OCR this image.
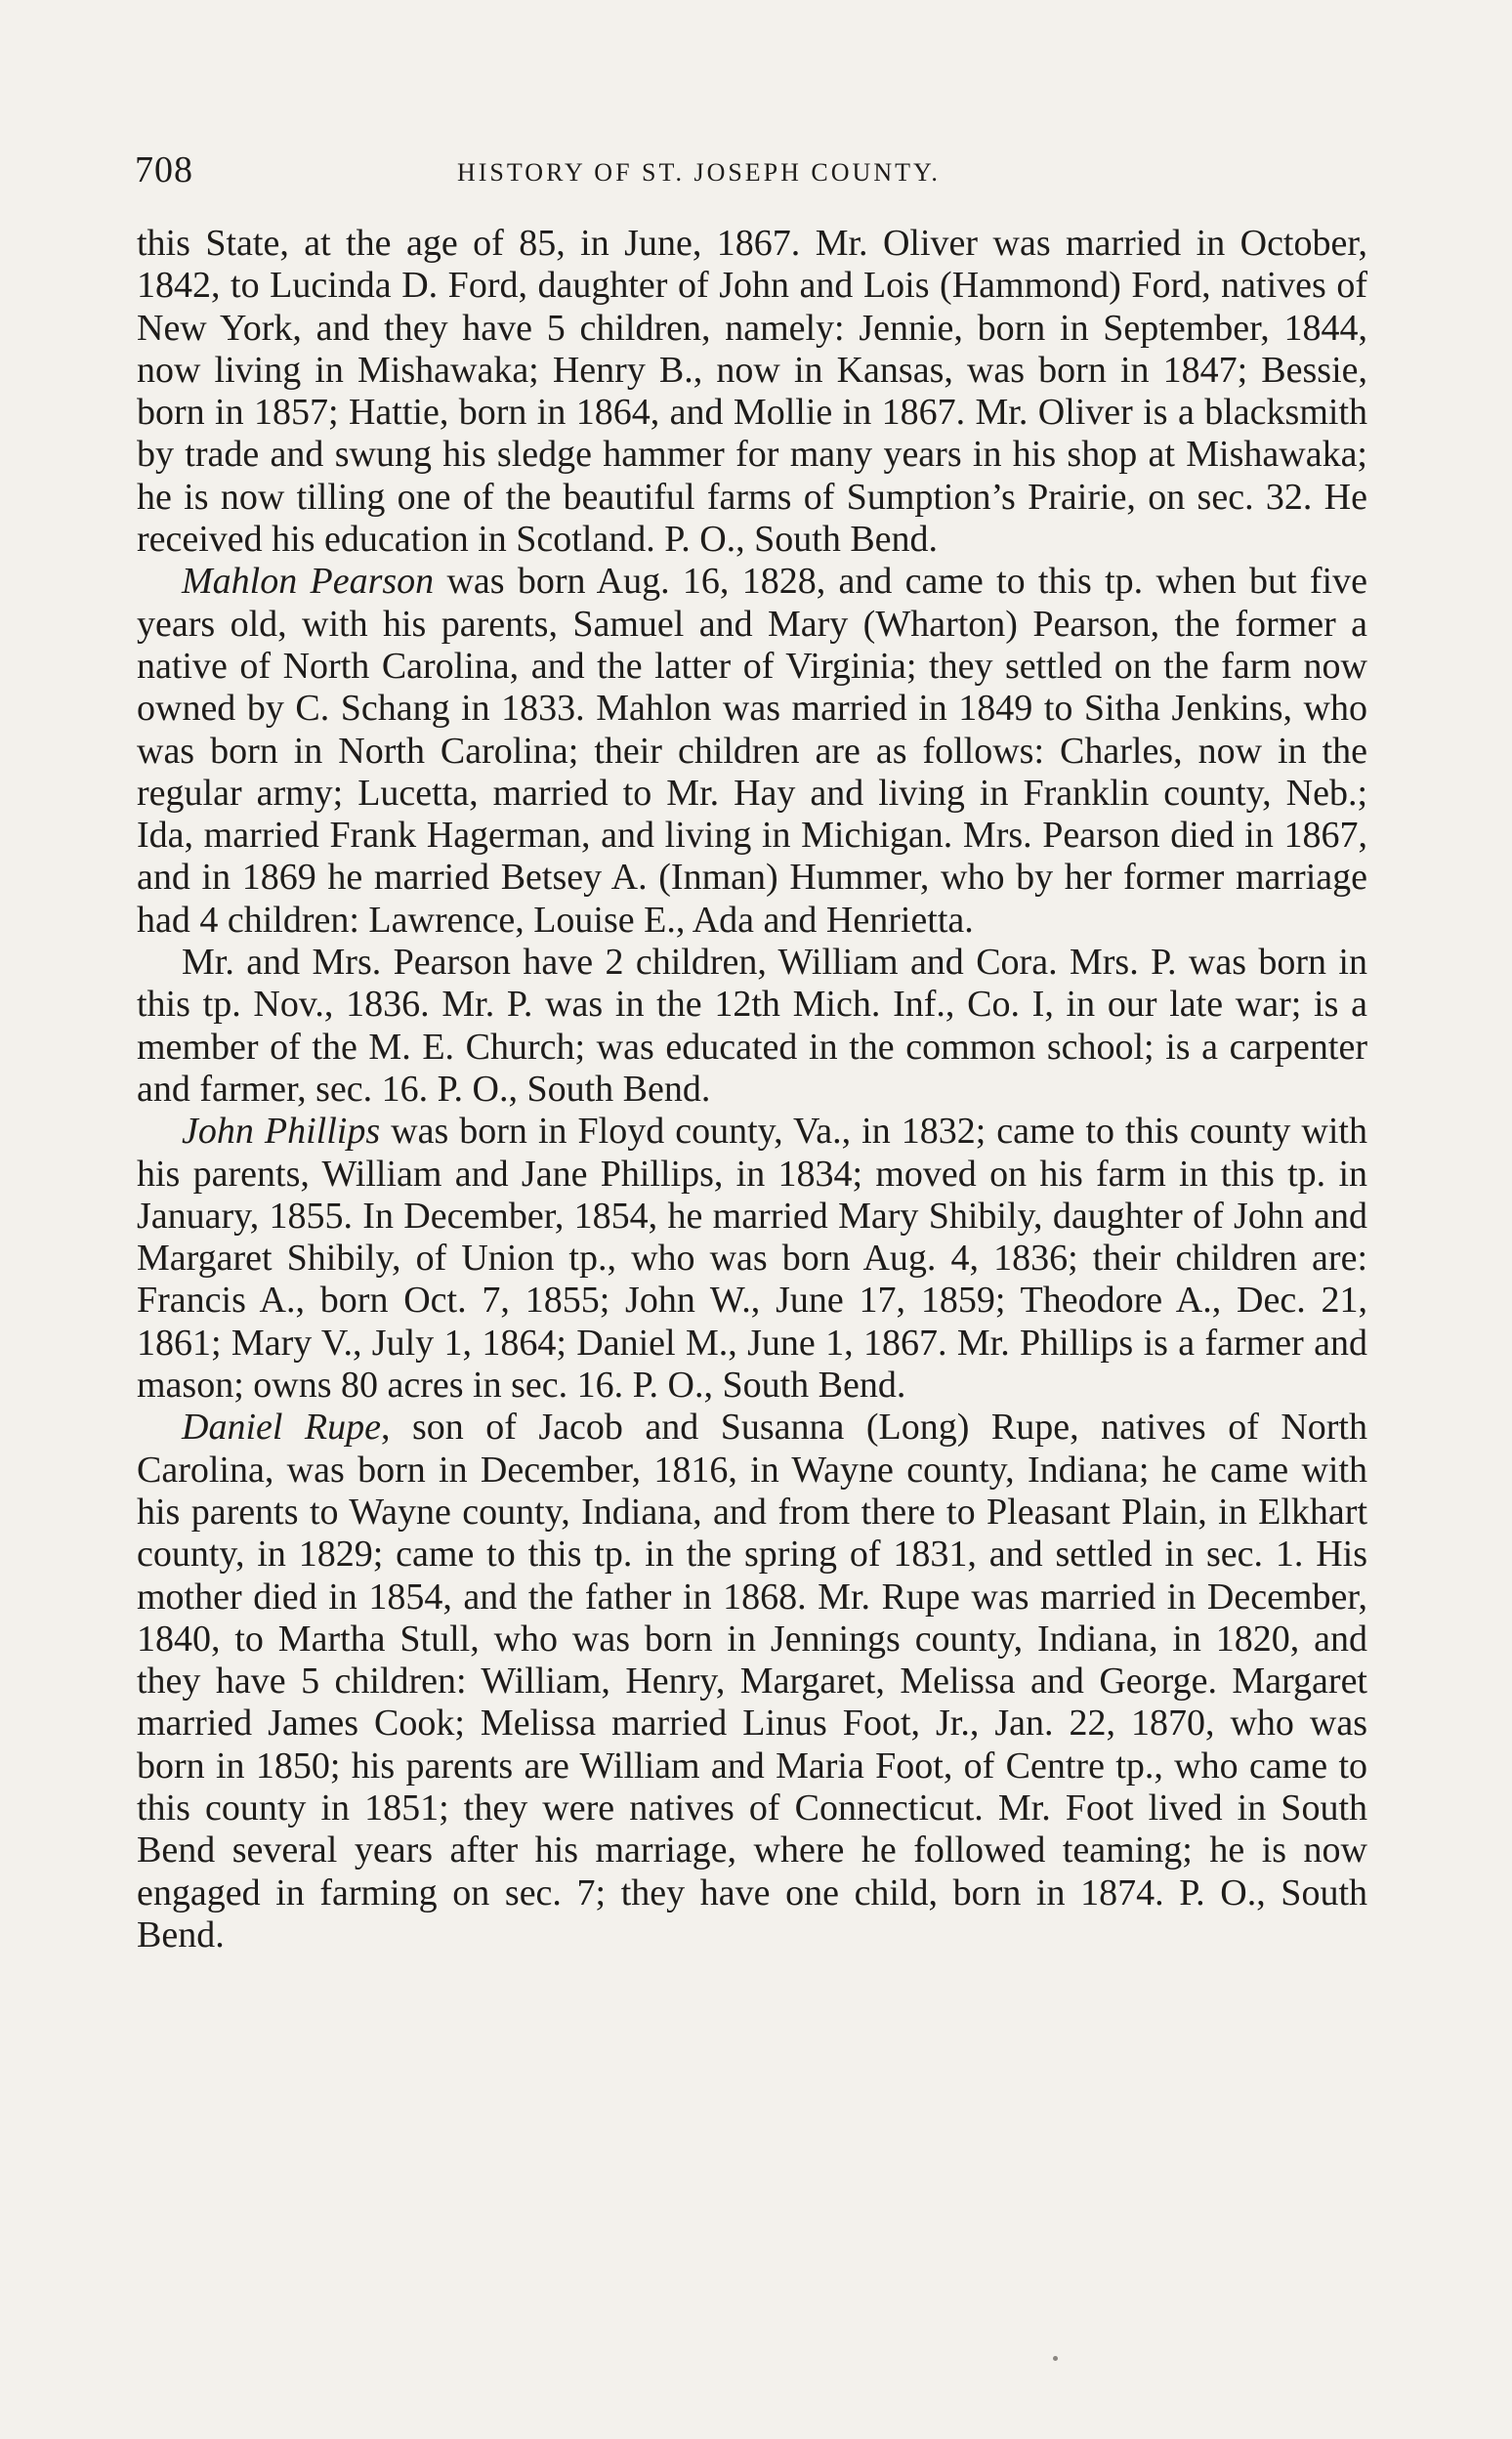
708	HISTORY OF ST. JOSEPH COUNTY.

this State, at the age of 85, in June, 1867. Mr. Oliver was married in October, 1842, to Lucinda D. Ford, daughter of John and Lois (Hammond) Ford, natives of New York, and they have 5 children, namely: Jennie, born in September, 1844, now living in Mishawaka; Henry B., now in Kansas, was born in 1847; Bessie, born in 1857; Hattie, born in 1864, and Mollie in 1867. Mr. Oliver is a blacksmith by trade and swung his sledge hammer for many years in his shop at Mishawaka; he is now tilling one of the beautiful farms of Sumption’s Prairie, on sec. 32. He received his education in Scotland. P. O., South Bend.

Mahlon Pearson was born Aug. 16, 1828, and came to this tp. when but five years old, with his parents, Samuel and Mary (Wharton) Pearson, the former a native of North Carolina, and the latter of Virginia; they settled on the farm now owned by C. Schang in 1833. Mahlon was married in 1849 to Sitha Jenkins, who was born in North Carolina; their children are as follows: Charles, now in the regular army; Lucetta, married to Mr. Hay and living in Franklin county, Neb.; Ida, married Frank Hagerman, and living in Michigan. Mrs. Pearson died in 1867, and in 1869 he married Betsey A. (Inman) Hummer, who by her former marriage had 4 children: Lawrence, Louise E., Ada and Henrietta.

Mr. and Mrs. Pearson have 2 children, William and Cora. Mrs. P. was born in this tp. Nov., 1836. Mr. P. was in the 12th Mich. Inf., Co. I, in our late war; is a member of the M. E. Church; was educated in the common school; is a carpenter and farmer, sec. 16. P. O., South Bend.

John Phillips was born in Floyd county, Va., in 1832; came to this county with his parents, William and Jane Phillips, in 1834; moved on his farm in this tp. in January, 1855. In December, 1854, he married Mary Shibily, daughter of John and Margaret Shibily, of Union tp., who was born Aug. 4, 1836; their children are: Francis A., born Oct. 7, 1855; John W., June 17, 1859; Theodore A., Dec. 21, 1861; Mary V., July 1, 1864; Daniel M., June 1, 1867. Mr. Phillips is a farmer and mason; owns 80 acres in sec. 16. P. O., South Bend.

Daniel Rupe, son of Jacob and Susanna (Long) Rupe, natives of North Carolina, was born in December, 1816, in Wayne county, Indiana; he came with his parents to Wayne county, Indiana, and from there to Pleasant Plain, in Elkhart county, in 1829; came to this tp. in the spring of 1831, and settled in sec. 1. His mother died in 1854, and the father in 1868. Mr. Rupe was married in December, 1840, to Martha Stull, who was born in Jennings county, Indiana, in 1820, and they have 5 children: William, Henry, Margaret, Melissa and George. Margaret married James Cook; Melissa married Linus Foot, Jr., Jan. 22, 1870, who was born in 1850; his parents are William and Maria Foot, of Centre tp., who came to this county in 1851; they were natives of Connecticut. Mr. Foot lived in South Bend several years after his marriage, where he followed teaming; he is now engaged in farming on sec. 7; they have one child, born in 1874. P. O., South Bend.
